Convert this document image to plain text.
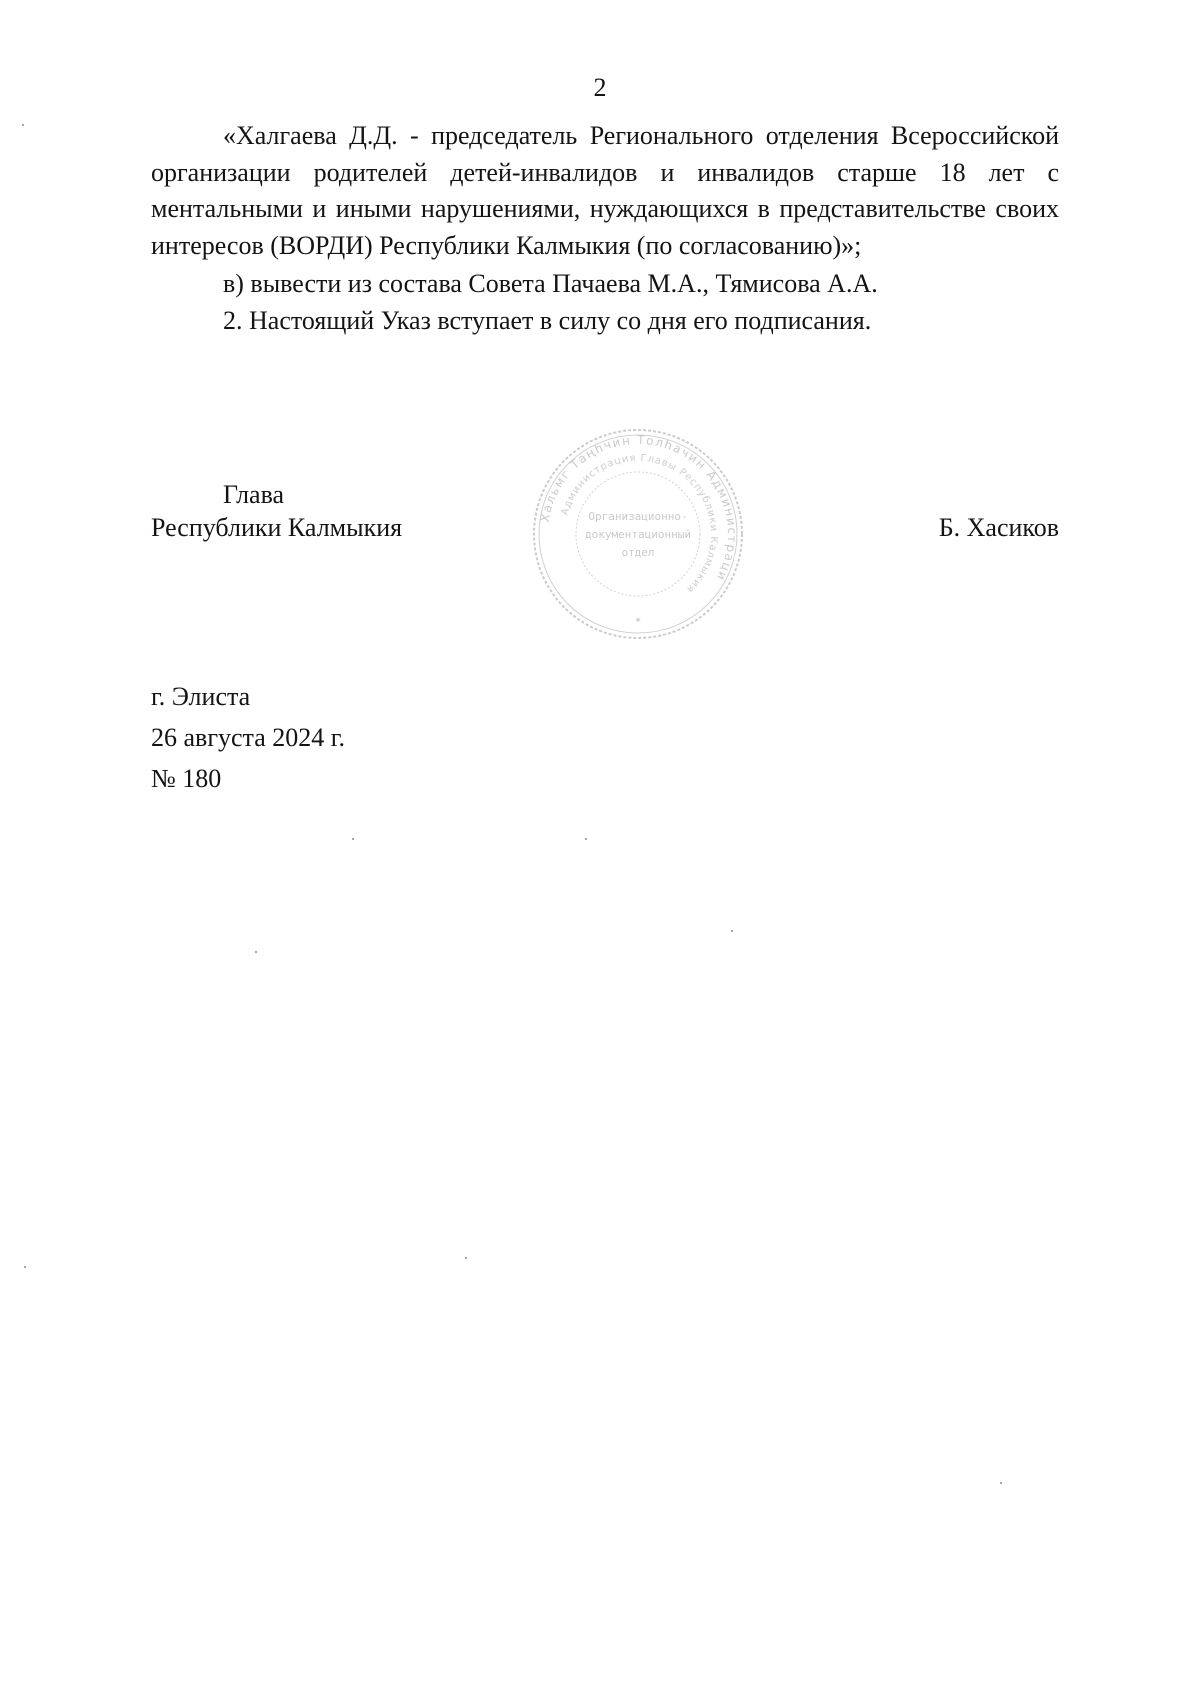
2

«Халгаева Д.Д. - председатель Регионального отделения Всероссийской организации родителей детей-инвалидов и инвалидов старше 18 лет с ментальными и иными нарушениями, нуждающихся в представительстве своих интересов (ВОРДИ) Республики Калмыкия (по согласованию)»;

в) вывести из состава Совета Пачаева М.А., Тямисова А.А.

2. Настоящий Указ вступает в силу со дня его подписания.

Глава
Республики Калмыкия	Б. Хасиков
Хальмг Таңһчин Толһачин Администраци
Администрация Главы Республики Калмыкия
Организационно-
документационный
отдел
✶
г. Элиста
26 августа 2024 г.
№ 180
